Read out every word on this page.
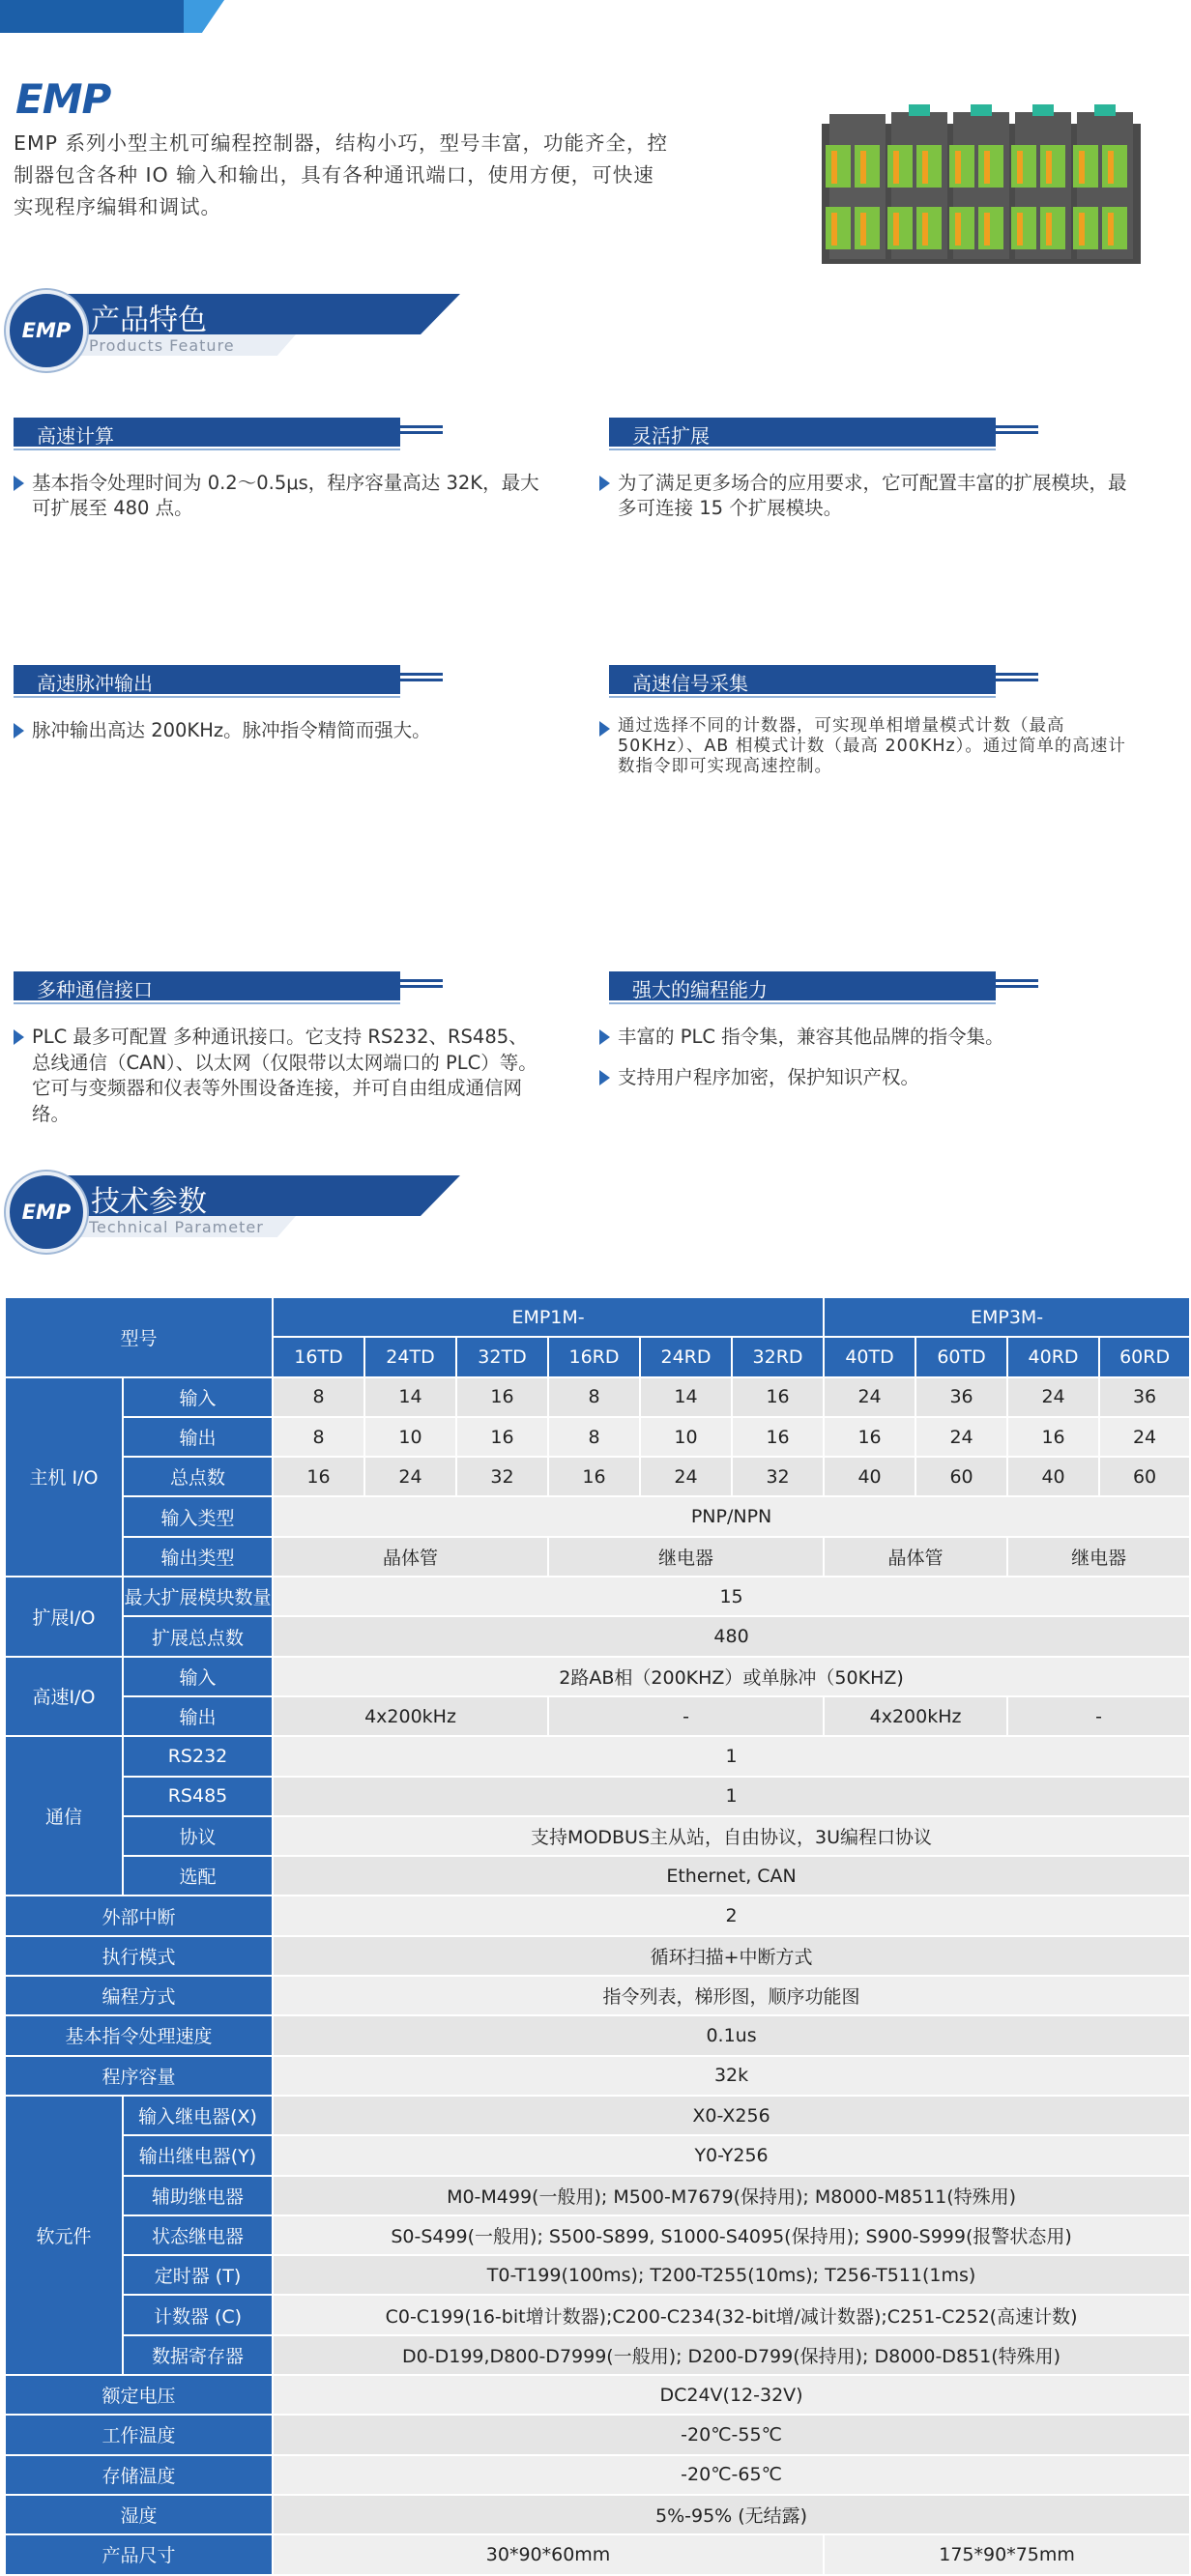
EMP
EMP 系列小型主机可编程控制器，结构小巧，型号丰富，功能齐全，控制器包含各种 IO 输入和输出，具有各种通讯端口，使用方便，可快速实现程序编辑和调试。
产品特色
Products Feature
EMP
高速计算
基本指令处理时间为 0.2～0.5μs，程序容量高达 32K，最大可扩展至 480 点。
灵活扩展
为了满足更多场合的应用要求，它可配置丰富的扩展模块，最多可连接 15 个扩展模块。
高速脉冲输出
脉冲输出高达 200KHz。脉冲指令精简而强大。
高速信号采集
通过选择不同的计数器，可实现单相增量模式计数（最高 50KHz）、AB 相模式计数（最高 200KHz）。通过简单的高速计数指令即可实现高速控制。
多种通信接口
PLC 最多可配置 多种通讯接口。它支持 RS232、RS485、总线通信（CAN）、以太网（仅限带以太网端口的 PLC）等。它可与变频器和仪表等外围设备连接，并可自由组成通信网络。
强大的编程能力
丰富的 PLC 指令集，兼容其他品牌的指令集。
支持用户程序加密，保护知识产权。
技术参数
Technical Parameter
EMP
型号		EMP1M-						EMP3M-			
		16TD	24TD	32TD	16RD	24RD	32RD	40TD	60TD	40RD	60RD
主机 I/O	输入	8	14	16	8	14	16	24	36	24	36
	输出	8	10	16	8	10	16	16	24	16	24
	总点数	16	24	32	16	24	32	40	60	40	60
	输入类型	PNP/NPN									
	输出类型	晶体管			继电器			晶体管		继电器	
扩展I/O	最大扩展模块数量	15									
	扩展总点数	480									
高速I/O	输入	2路AB相（200KHZ）或单脉冲（50KHZ)									
	输出	4x200kHz			-			4x200kHz		-	
通信	RS232	1									
	RS485	1									
	协议	支持MODBUS主从站，自由协议，3U编程口协议									
	选配	Ethernet, CAN									
外部中断		2									
执行模式		循环扫描+中断方式									
编程方式		指令列表，梯形图，顺序功能图									
基本指令处理速度		0.1us									
程序容量		32k									
软元件	输入继电器(X)	X0-X256									
	输出继电器(Y)	Y0-Y256									
	辅助继电器	M0-M499(一般用); M500-M7679(保持用); M8000-M8511(特殊用)									
	状态继电器	S0-S499(一般用); S500-S899, S1000-S4095(保持用); S900-S999(报警状态用)									
	定时器 (T)	T0-T199(100ms); T200-T255(10ms); T256-T511(1ms)									
	计数器 (C)	C0-C199(16-bit增计数器);C200-C234(32-bit增/减计数器);C251-C252(高速计数)									
	数据寄存器	D0-D199,D800-D7999(一般用); D200-D799(保持用); D8000-D851(特殊用)									
额定电压		DC24V(12-32V)									
工作温度		-20℃-55℃									
存储温度		-20℃-65℃									
湿度		5%-95% (无结露)									
产品尺寸		30*90*60mm						175*90*75mm			
